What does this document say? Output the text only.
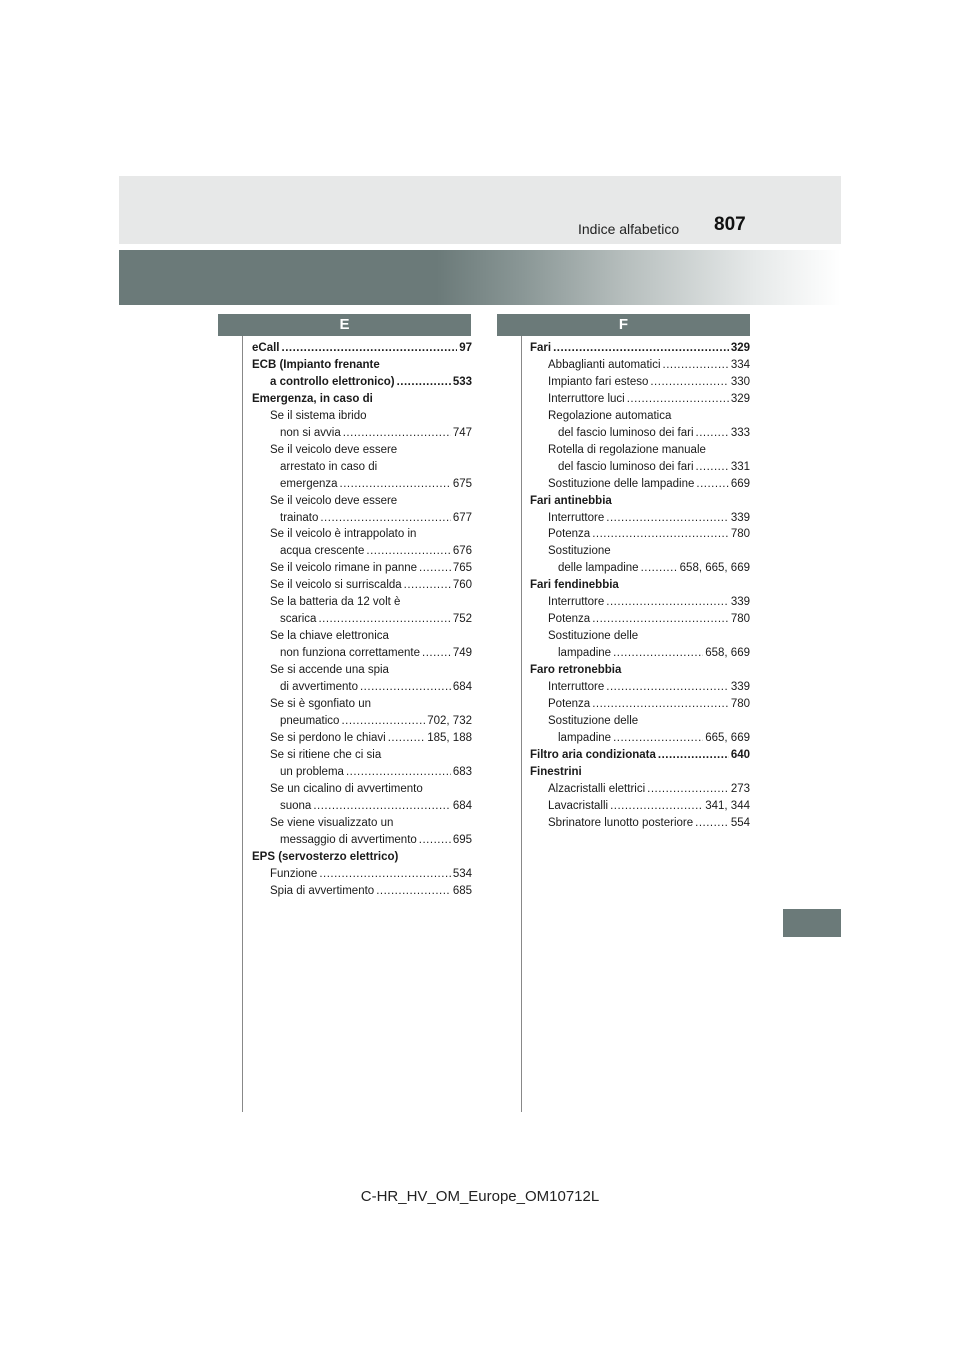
Indice alfabetico 807
E	F
eCall .....	97
ECB (Impianto frenante
a controllo elettronico) .....	533
Emergenza, in caso di
Se il sistema ibrido
non si avvia .....	747
Se il veicolo deve essere
arrestato in caso di
emergenza .....	675
Se il veicolo deve essere
trainato .....	677
Se il veicolo è intrappolato in
acqua crescente .....	676
Se il veicolo rimane in panne .....	765
Se il veicolo si surriscalda .....	760
Se la batteria da 12 volt è
scarica .....	752
Se la chiave elettronica
non funziona correttamente .....	749
Se si accende una spia
di avvertimento .....	684
Se si è sgonfiato un
pneumatico .....	702, 732
Se si perdono le chiavi .....	185, 188
Se si ritiene che ci sia
un problema .....	683
Se un cicalino di avvertimento
suona .....	684
Se viene visualizzato un
messaggio di avvertimento .....	695
EPS (servosterzo elettrico)
Funzione .....	534
Spia di avvertimento .....	685
Fari .....	329
Abbaglianti automatici .....	334
Impianto fari esteso .....	330
Interruttore luci .....	329
Regolazione automatica
del fascio luminoso dei fari .....	333
Rotella di regolazione manuale
del fascio luminoso dei fari .....	331
Sostituzione delle lampadine .....	669
Fari antinebbia
Interruttore .....	339
Potenza .....	780
Sostituzione
delle lampadine .....	658, 665, 669
Fari fendinebbia
Interruttore .....	339
Potenza .....	780
Sostituzione delle
lampadine .....	658, 669
Faro retronebbia
Interruttore .....	339
Potenza .....	780
Sostituzione delle
lampadine .....	665, 669
Filtro aria condizionata .....	640
Finestrini
Alzacristalli elettrici .....	273
Lavacristalli .....	341, 344
Sbrinatore lunotto posteriore .....	554
C-HR_HV_OM_Europe_OM10712L
